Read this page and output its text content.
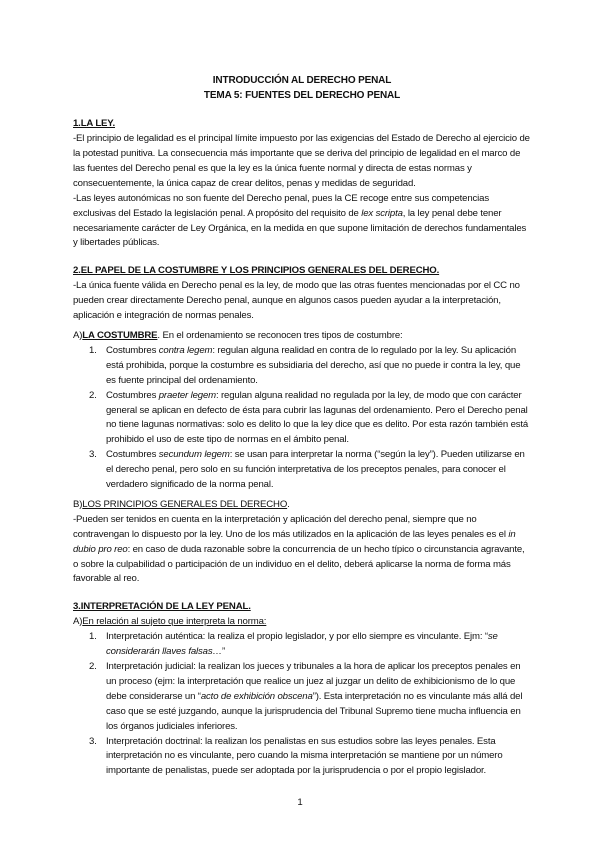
INTRODUCCIÓN AL DERECHO PENAL

TEMA 5: FUENTES DEL DERECHO PENAL

1.LA LEY.

-El principio de legalidad es el principal límite impuesto por las exigencias del Estado de Derecho al ejercicio de la potestad punitiva. La consecuencia más importante que se deriva del principio de legalidad en el marco de las fuentes del Derecho penal es que la ley es la única fuente normal y directa de estas normas y consecuentemente, la única capaz de crear delitos, penas y medidas de seguridad.

-Las leyes autonómicas no son fuente del Derecho penal, pues la CE recoge entre sus competencias exclusivas del Estado la legislación penal. A propósito del requisito de lex scripta, la ley penal debe tener necesariamente carácter de Ley Orgánica, en la medida en que supone limitación de derechos fundamentales y libertades públicas.

2.EL PAPEL DE LA COSTUMBRE Y LOS PRINCIPIOS GENERALES DEL DERECHO.

-La única fuente válida en Derecho penal es la ley, de modo que las otras fuentes mencionadas por el CC no pueden crear directamente Derecho penal, aunque en algunos casos pueden ayudar a la interpretación, aplicación e integración de normas penales.

A)LA COSTUMBRE. En el ordenamiento se reconocen tres tipos de costumbre:

1. Costumbres contra legem: regulan alguna realidad en contra de lo regulado por la ley. Su aplicación está prohibida, porque la costumbre es subsidiaria del derecho, así que no puede ir contra la ley, que es fuente principal del ordenamiento.
2. Costumbres praeter legem: regulan alguna realidad no regulada por la ley, de modo que con carácter general se aplican en defecto de ésta para cubrir las lagunas del ordenamiento. Pero el Derecho penal no tiene lagunas normativas: solo es delito lo que la ley dice que es delito. Por esta razón también está prohibido el uso de este tipo de normas en el ámbito penal.
3. Costumbres secundum legem: se usan para interpretar la norma (“según la ley”). Pueden utilizarse en el derecho penal, pero solo en su función interpretativa de los preceptos penales, para conocer el verdadero significado de la norma penal.

B)LOS PRINCIPIOS GENERALES DEL DERECHO.

-Pueden ser tenidos en cuenta en la interpretación y aplicación del derecho penal, siempre que no contravengan lo dispuesto por la ley. Uno de los más utilizados en la aplicación de las leyes penales es el in dubio pro reo: en caso de duda razonable sobre la concurrencia de un hecho típico o circunstancia agravante, o sobre la culpabilidad o participación de un individuo en el delito, deberá aplicarse la norma de forma más favorable al reo.

3.INTERPRETACIÓN DE LA LEY PENAL.

A)En relación al sujeto que interpreta la norma:

1. Interpretación auténtica: la realiza el propio legislador, y por ello siempre es vinculante. Ejm: “se considerarán llaves falsas…”
2. Interpretación judicial: la realizan los jueces y tribunales a la hora de aplicar los preceptos penales en un proceso (ejm: la interpretación que realice un juez al juzgar un delito de exhibicionismo de lo que debe considerarse un “acto de exhibición obscena”). Esta interpretación no es vinculante más allá del caso que se esté juzgando, aunque la jurisprudencia del Tribunal Supremo tiene mucha influencia en los órganos judiciales inferiores.
3. Interpretación doctrinal: la realizan los penalistas en sus estudios sobre las leyes penales. Esta interpretación no es vinculante, pero cuando la misma interpretación se mantiene por un número importante de penalistas, puede ser adoptada por la jurisprudencia o por el propio legislador.
1
